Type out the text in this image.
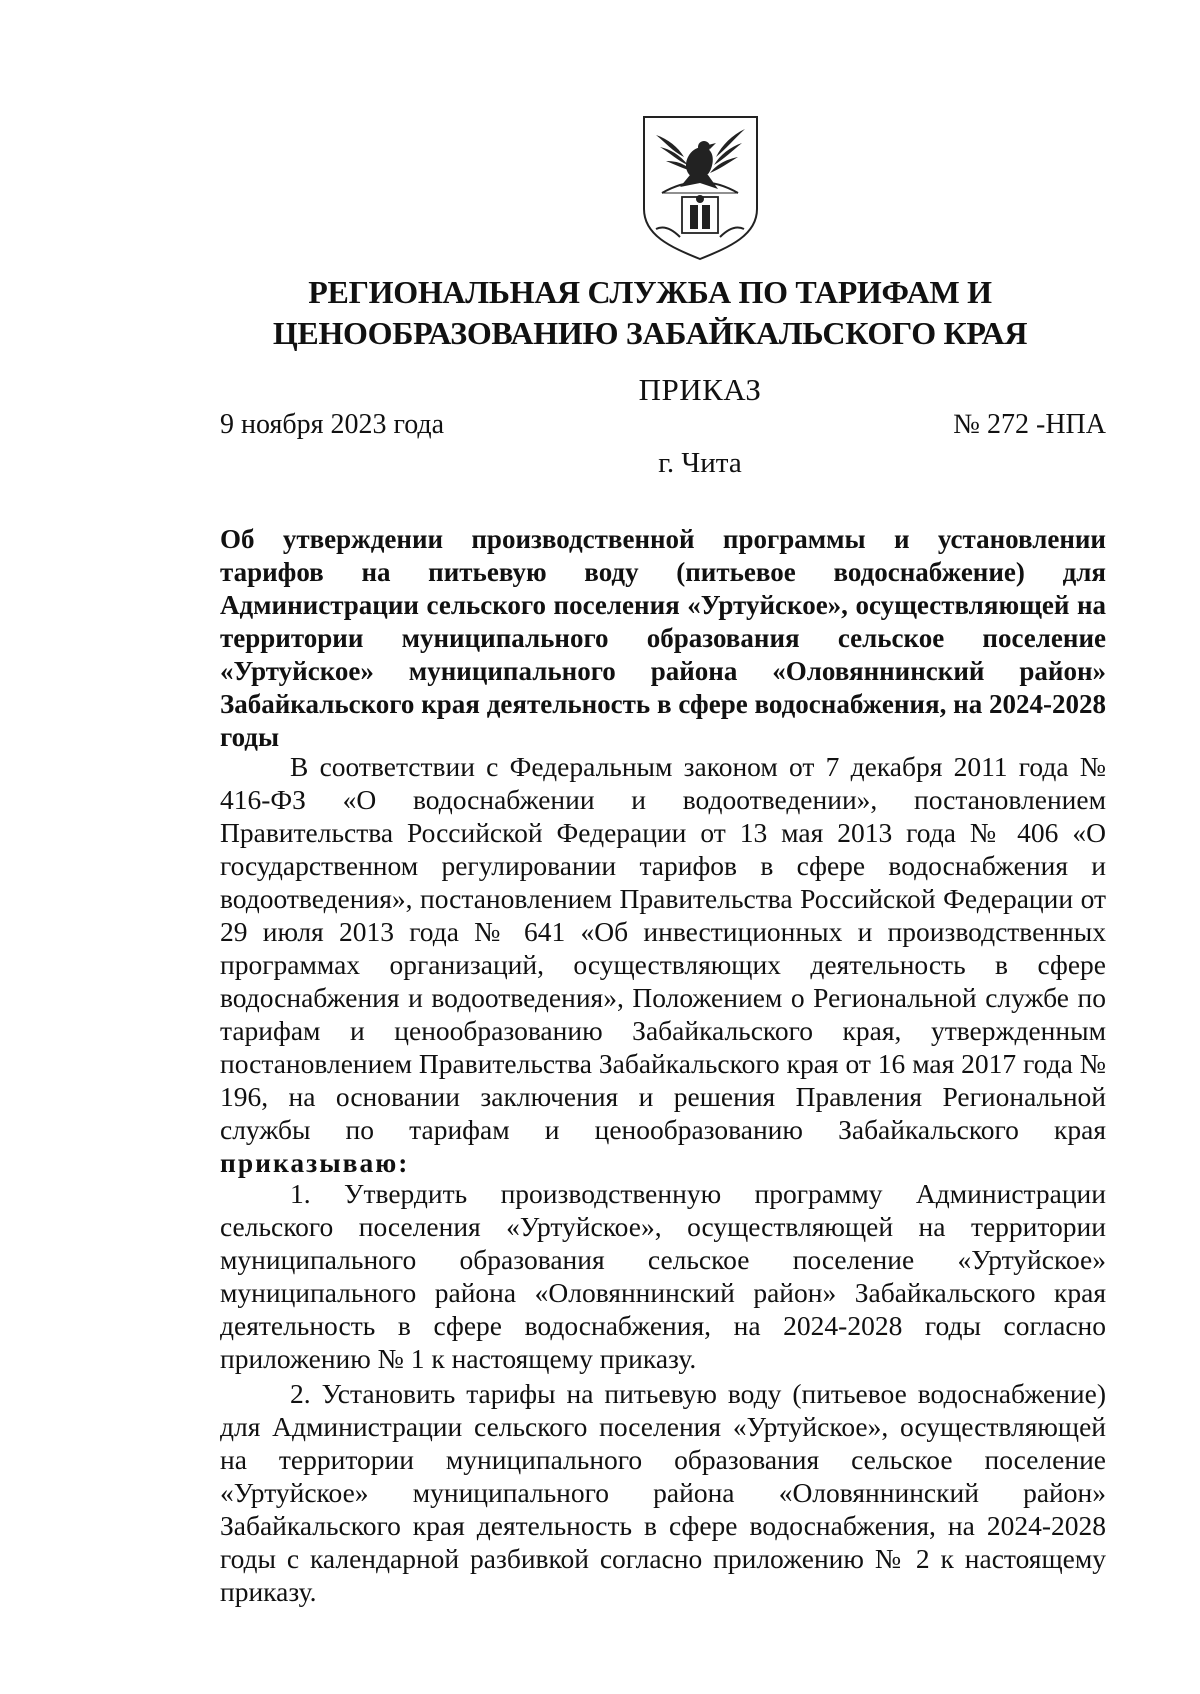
РЕГИОНАЛЬНАЯ СЛУЖБА ПО ТАРИФАМ И ЦЕНООБРАЗОВАНИЮ ЗАБАЙКАЛЬСКОГО КРАЯ
ПРИКАЗ
9 ноября 2023 года	№ 272 -НПА
г. Чита

Об утверждении производственной программы и установлении тарифов на питьевую воду (питьевое водоснабжение) для Администрации сельского поселения «Уртуйское», осуществляющей на территории муниципального образования сельское поселение «Уртуйское» муниципального района «Оловяннинский район» Забайкальского края деятельность в сфере водоснабжения, на 2024-2028 годы

В соответствии с Федеральным законом от 7 декабря 2011 года № 416-ФЗ «О водоснабжении и водоотведении», постановлением Правительства Российской Федерации от 13 мая 2013 года № 406 «О государственном регулировании тарифов в сфере водоснабжения и водоотведения», постановлением Правительства Российской Федерации от 29 июля 2013 года № 641 «Об инвестиционных и производственных программах организаций, осуществляющих деятельность в сфере водоснабжения и водоотведения», Положением о Региональной службе по тарифам и ценообразованию Забайкальского края, утвержденным постановлением Правительства Забайкальского края от 16 мая 2017 года № 196, на основании заключения и решения Правления Региональной службы по тарифам и ценообразованию Забайкальского края приказываю:

1. Утвердить производственную программу Администрации сельского поселения «Уртуйское», осуществляющей на территории муниципального образования сельское поселение «Уртуйское» муниципального района «Оловяннинский район» Забайкальского края деятельность в сфере водоснабжения, на 2024-2028 годы согласно приложению № 1 к настоящему приказу.
2. Установить тарифы на питьевую воду (питьевое водоснабжение) для Администрации сельского поселения «Уртуйское», осуществляющей на территории муниципального образования сельское поселение «Уртуйское» муниципального района «Оловяннинский район» Забайкальского края деятельность в сфере водоснабжения, на 2024-2028 годы с календарной разбивкой согласно приложению № 2 к настоящему приказу.
